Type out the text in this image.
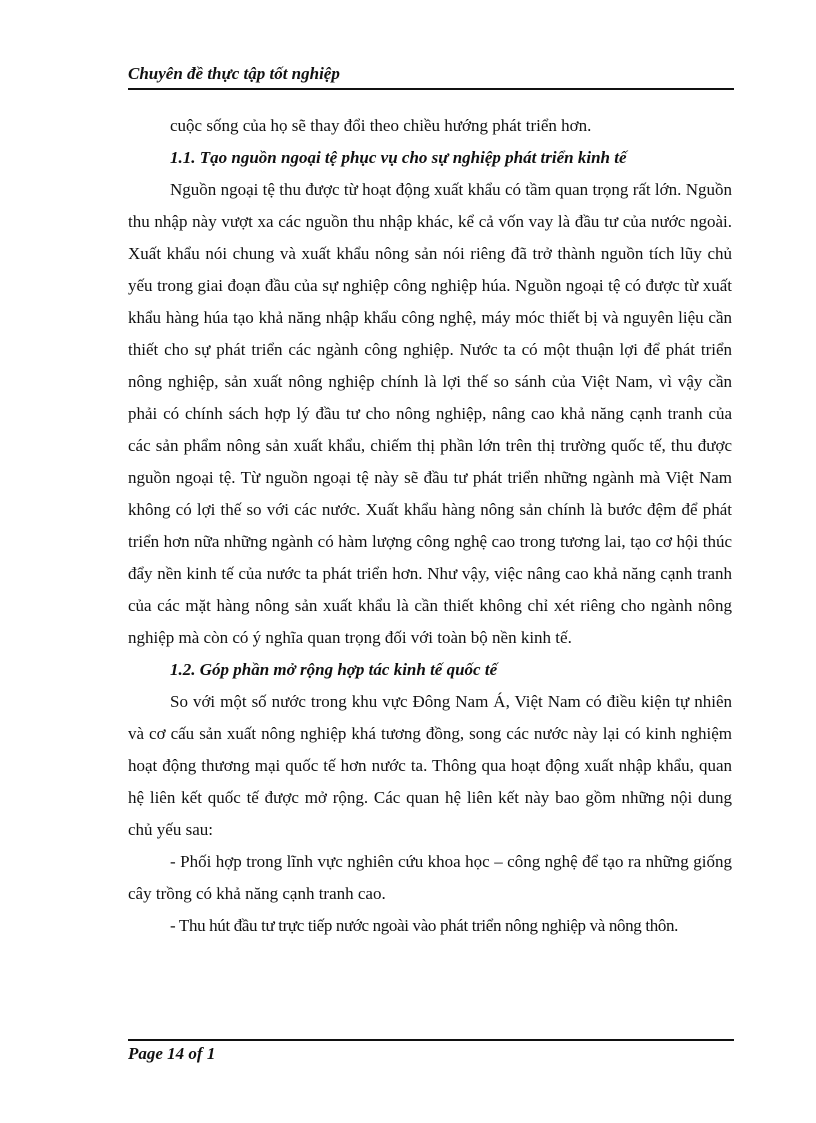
Chuyên đề thực tập tốt nghiệp

cuộc sống của họ sẽ thay đổi theo chiều hướng phát triển hơn.

1.1. Tạo nguồn ngoại tệ phục vụ cho sự nghiệp phát triển kinh tế

Nguồn ngoại tệ thu được từ hoạt động xuất khẩu có tầm quan trọng rất lớn. Nguồn thu nhập này vượt xa các nguồn thu nhập khác, kể cả vốn vay là đầu tư của nước ngoài. Xuất khẩu nói chung và xuất khẩu nông sản nói riêng đã trở thành nguồn tích lũy chủ yếu trong giai đoạn đầu của sự nghiệp công nghiệp húa. Nguồn ngoại tệ có được từ xuất khẩu hàng húa tạo khả năng nhập khẩu công nghệ, máy móc thiết bị và nguyên liệu cần thiết cho sự phát triển các ngành công nghiệp. Nước ta có một thuận lợi để phát triển nông nghiệp, sản xuất nông nghiệp chính là lợi thế so sánh của Việt Nam, vì vậy cần phải có chính sách hợp lý đầu tư cho nông nghiệp, nâng cao khả năng cạnh tranh của các sản phẩm nông sản xuất khẩu, chiếm thị phần lớn trên thị trường quốc tế, thu được nguồn ngoại tệ. Từ nguồn ngoại tệ này sẽ đầu tư phát triển những ngành mà Việt Nam không có lợi thế so với các nước. Xuất khẩu hàng nông sản chính là bước đệm để phát triển hơn nữa những ngành có hàm lượng công nghệ cao trong tương lai, tạo cơ hội thúc đẩy nền kinh tế của nước ta phát triển hơn. Như vậy, việc nâng cao khả năng cạnh tranh của các mặt hàng nông sản xuất khẩu là cần thiết không chỉ xét riêng cho ngành nông nghiệp mà còn có ý nghĩa quan trọng đối với toàn bộ nền kinh tế.

1.2. Góp phần mở rộng hợp tác kinh tế quốc tế

So với một số nước trong khu vực Đông Nam Á, Việt Nam có điều kiện tự nhiên và cơ cấu sản xuất nông nghiệp khá tương đồng, song các nước này lại có kinh nghiệm hoạt động thương mại quốc tế hơn nước ta. Thông qua hoạt động xuất nhập khẩu, quan hệ liên kết quốc tế được mở rộng. Các quan hệ liên kết này bao gồm những nội dung chủ yếu sau:

- Phối hợp trong lĩnh vực nghiên cứu khoa học – công nghệ để tạo ra những giống cây trồng có khả năng cạnh tranh cao.

- Thu hút đầu tư trực tiếp nước ngoài vào phát triển nông nghiệp và nông thôn.

Page 14 of 1
